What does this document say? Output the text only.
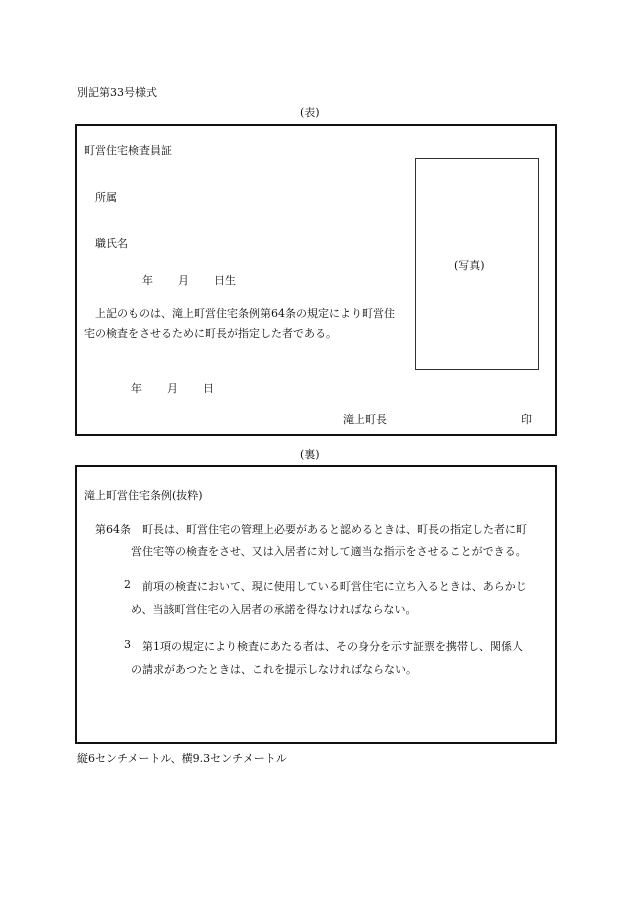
別記第33号様式
(表)
町営住宅検査員証
所属
職氏名
年 月 日生
上記のものは、滝上町営住宅条例第64条の規定により町営住
宅の検査をさせるために町長が指定した者である。
年 月 日
滝上町長	印
(写真)
(裏)
滝上町営住宅条例(抜粋)
第64条 町長は、町営住宅の管理上必要があると認めるときは、町長の指定した者に町
営住宅等の検査をさせ、又は入居者に対して適当な指示をさせることができる。
2 前項の検査において、現に使用している町営住宅に立ち入るときは、あらかじ
め、当該町営住宅の入居者の承諾を得なければならない。
3 第1項の規定により検査にあたる者は、その身分を示す証票を携帯し、関係人
の請求があつたときは、これを提示しなければならない。
縦6センチメートル、横9.3センチメートル
